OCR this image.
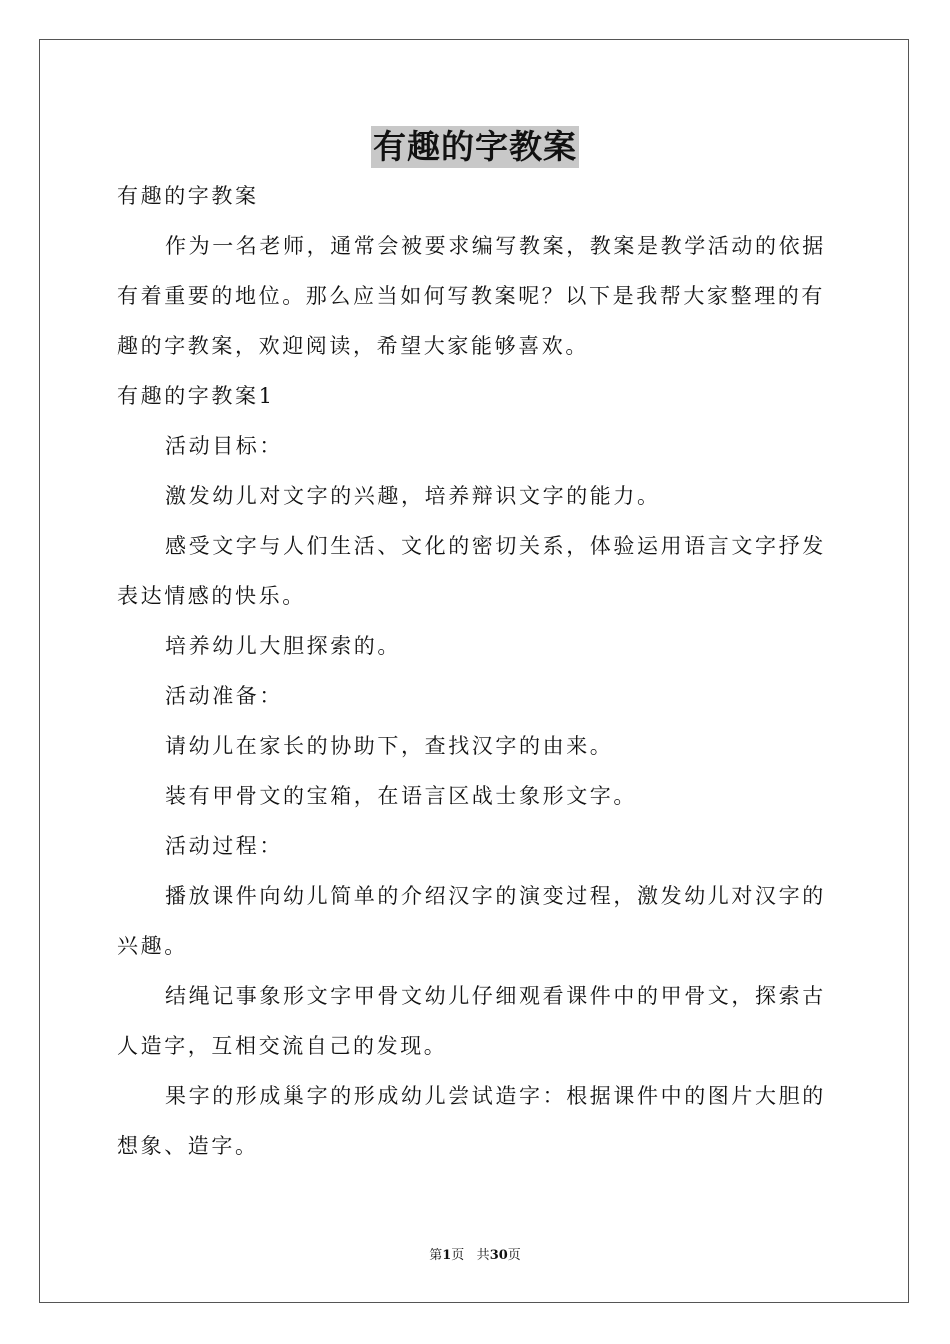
有趣的字教案
有趣的字教案
作为一名老师，通常会被要求编写教案，教案是教学活动的依据
有着重要的地位。那么应当如何写教案呢？以下是我帮大家整理的有
趣的字教案，欢迎阅读，希望大家能够喜欢。
有趣的字教案1
活动目标：
激发幼儿对文字的兴趣，培养辩识文字的能力。
感受文字与人们生活、文化的密切关系，体验运用语言文字抒发
表达情感的快乐。
培养幼儿大胆探索的。
活动准备：
请幼儿在家长的协助下，查找汉字的由来。
装有甲骨文的宝箱，在语言区战士象形文字。
活动过程：
播放课件向幼儿简单的介绍汉字的演变过程，激发幼儿对汉字的
兴趣。
结绳记事象形文字甲骨文幼儿仔细观看课件中的甲骨文，探索古
人造字，互相交流自己的发现。
果字的形成巢字的形成幼儿尝试造字：根据课件中的图片大胆的
想象、造字。
第1页 共30页
